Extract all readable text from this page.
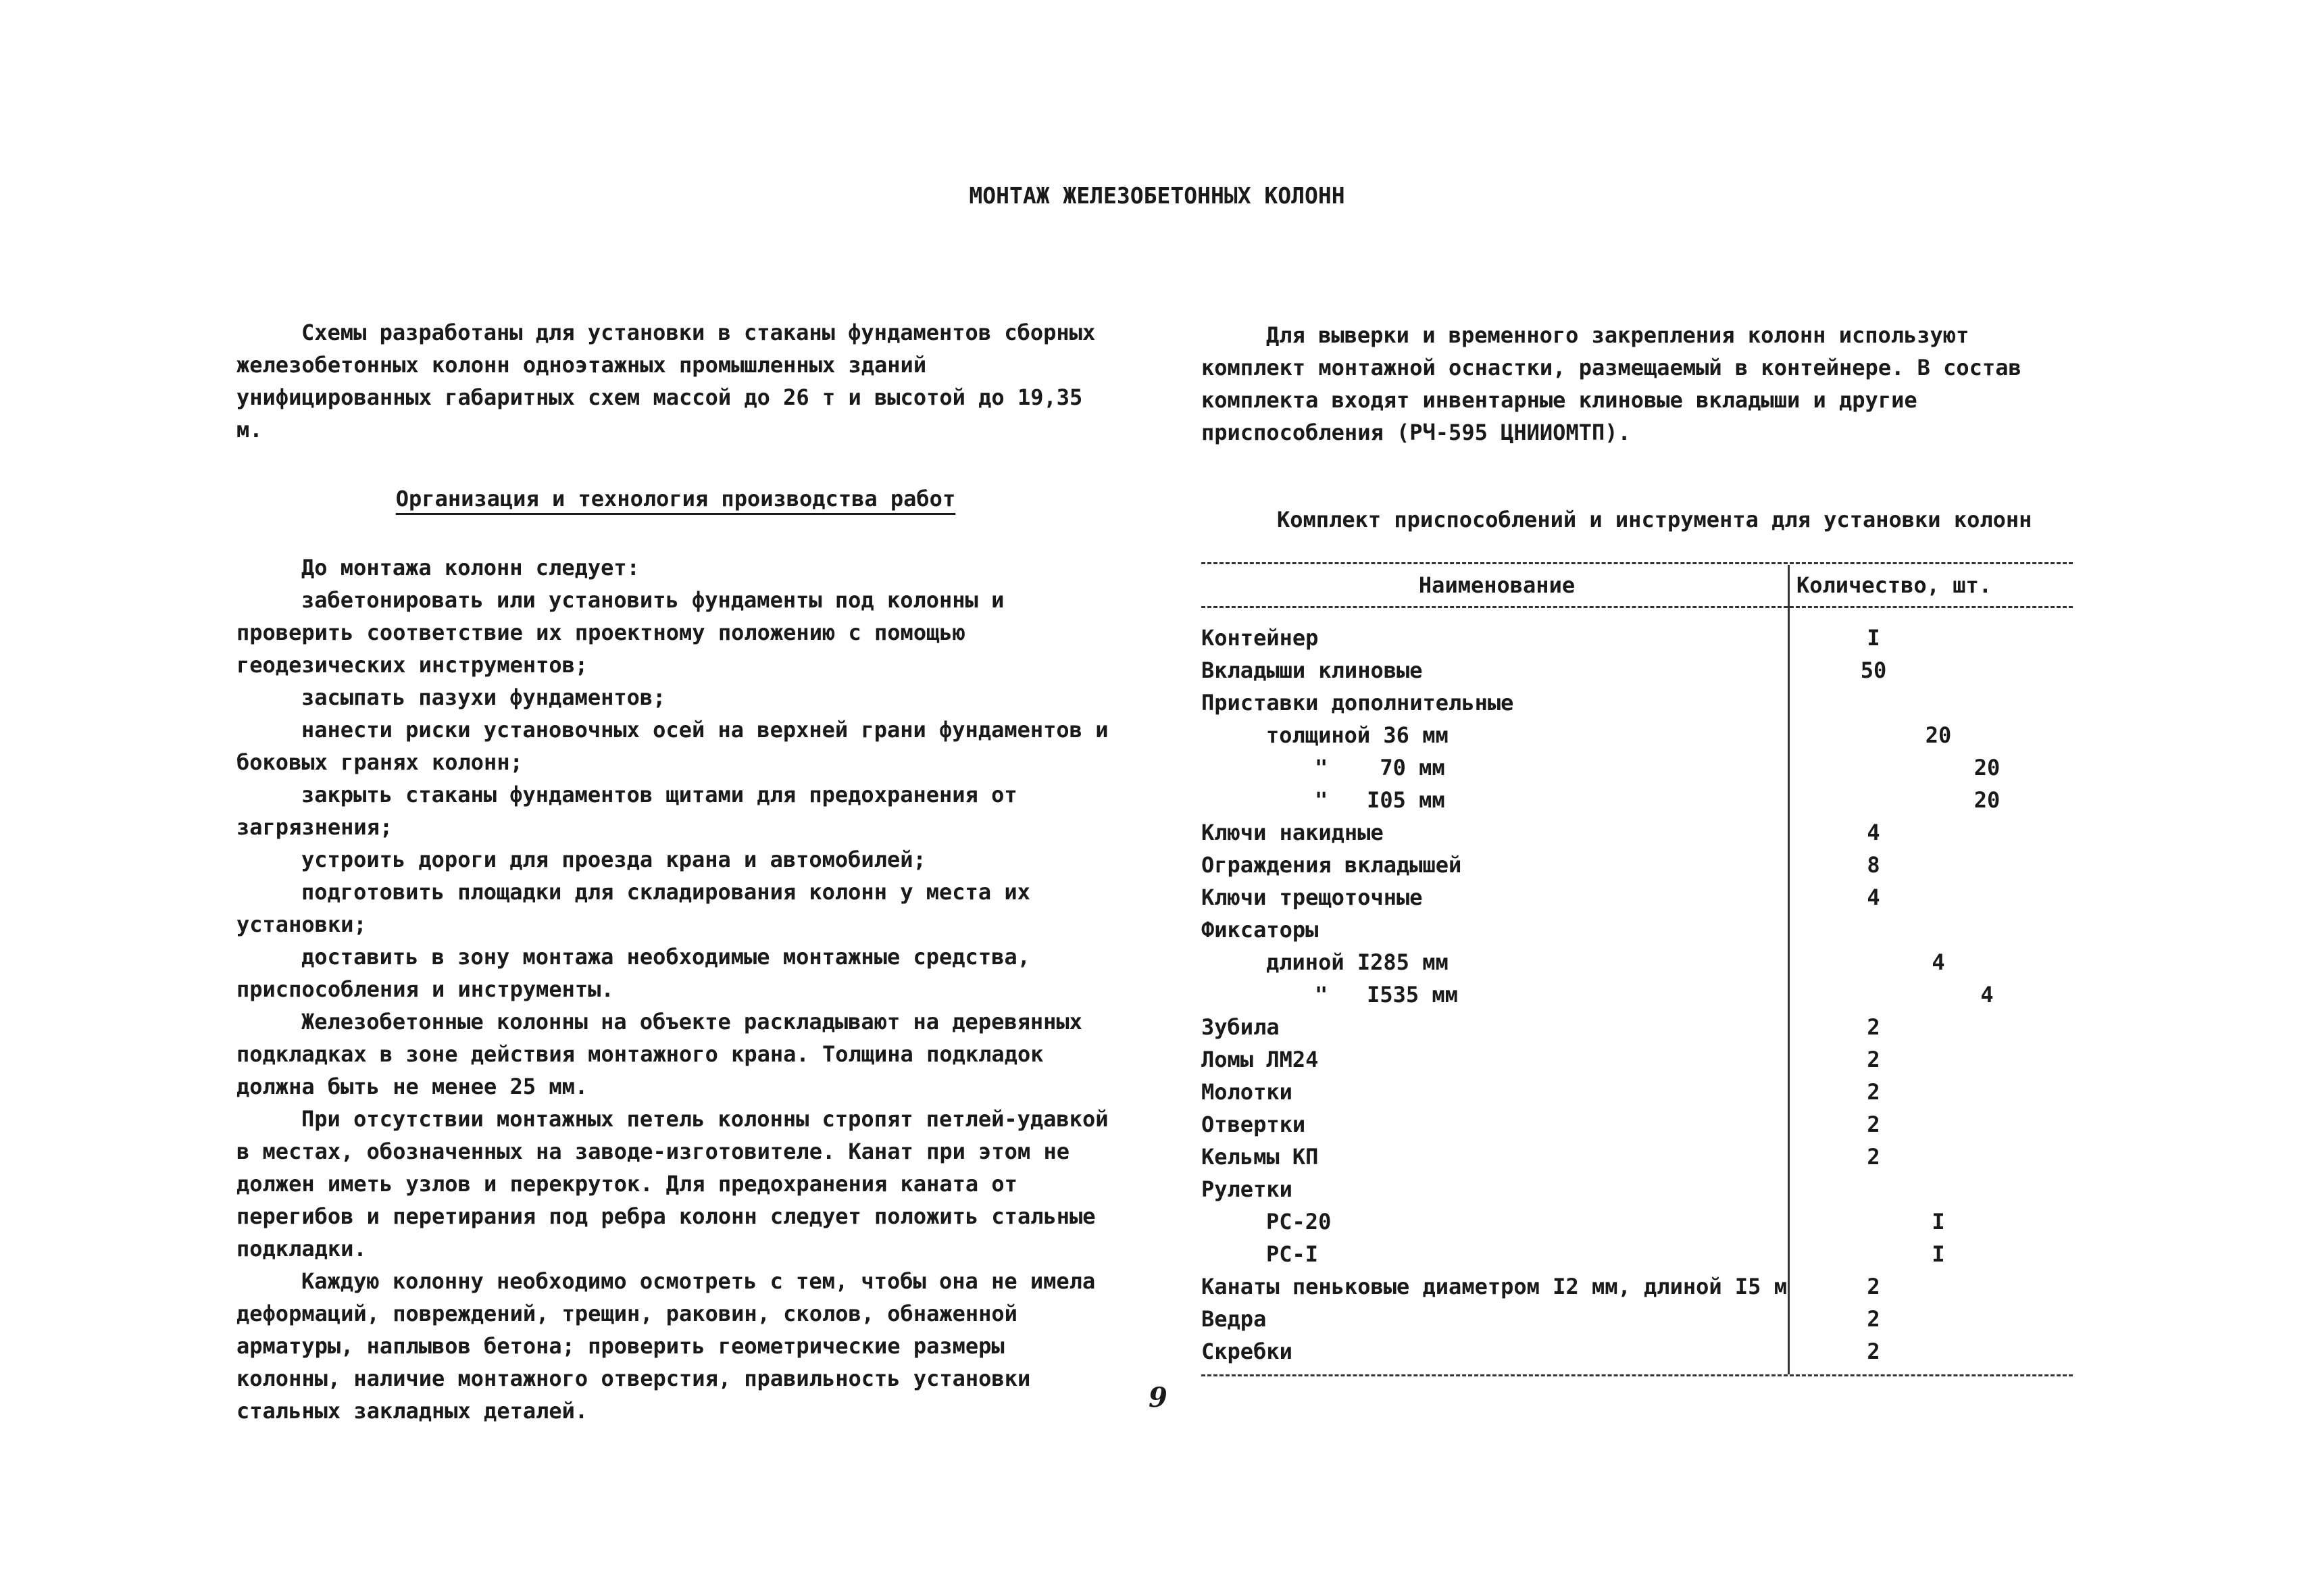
МОНТАЖ ЖЕЛЕЗОБЕТОННЫХ КОЛОНН

Схемы разработаны для установки в стаканы фундаментов сборных железобетонных колонн одноэтажных промышленных зданий унифицированных габаритных схем массой до 26 т и высотой до 19,35 м.

Организация и технология производства работ

До монтажа колонн следует:

забетонировать или установить фундаменты под колонны и проверить соответствие их проектному положению с помощью геодезических инструментов;

засыпать пазухи фундаментов;

нанести риски установочных осей на верхней грани фундаментов и боковых гранях колонн;

закрыть стаканы фундаментов щитами для предохранения от загрязнения;

устроить дороги для проезда крана и автомобилей;

подготовить площадки для складирования колонн у места их установки;

доставить в зону монтажа необходимые монтажные средства, приспособления и инструменты.

Железобетонные колонны на объекте раскладывают на деревянных подкладках в зоне действия монтажного крана. Толщина подкладок должна быть не менее 25 мм.

При отсутствии монтажных петель колонны стропят петлей-удавкой в местах, обозначенных на заводе-изготовителе. Канат при этом не должен иметь узлов и перекруток. Для предохранения каната от перегибов и перетирания под ребра колонн следует положить стальные подкладки.

Каждую колонну необходимо осмотреть с тем, чтобы она не имела деформаций, повреждений, трещин, раковин, сколов, обнаженной арматуры, наплывов бетона; проверить геометрические размеры колонны, наличие монтажного отверстия, правильность установки стальных закладных деталей.

Для выверки и временного закрепления колонн используют комплект монтажной оснастки, размещаемый в контейнере. В состав комплекта входят инвентарные клиновые вкладыши и другие приспособления (РЧ-595 ЦНИИОМТП).

Комплект приспособлений и инструмента для установки колонн
Наименование	Количество, шт.
Контейнер	I
Вкладыши клиновые	50
Приставки дополнительные
толщиной 36 мм	20
"    70 мм	20
"   I05 мм	20
Ключи накидные	4
Ограждения вкладышей	8
Ключи трещоточные	4
Фиксаторы
длиной I285 мм	4
"   I535 мм	4
Зубила	2
Ломы ЛМ24	2
Молотки	2
Отвертки	2
Кельмы КП	2
Рулетки
РС-20	I
РС-I	I
Канаты пеньковые диаметром I2 мм, длиной I5 м	2
Ведра	2
Скребки	2
9
